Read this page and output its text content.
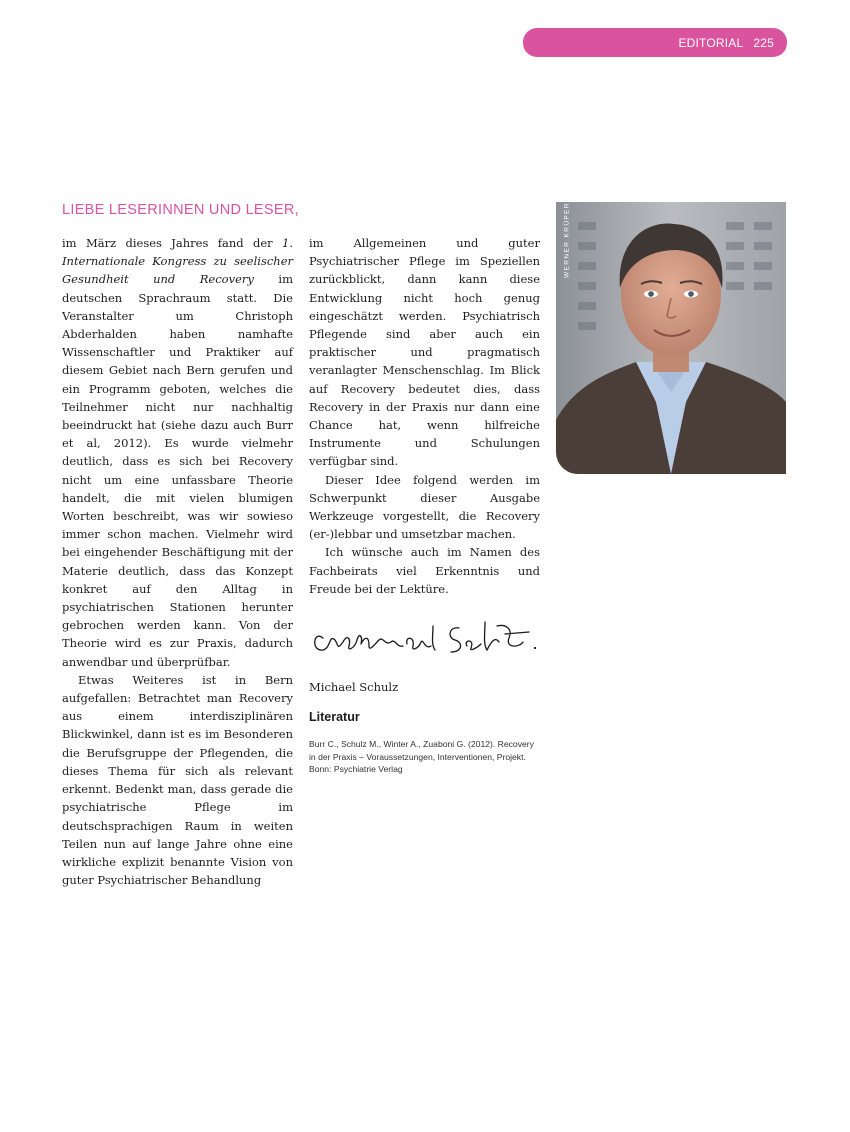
EDITORIAL 225
LIEBE LESERINNEN UND LESER,

im März dieses Jahres fand der 1. Internationale Kongress zu seelischer Gesundheit und Recovery im deutschen Sprachraum statt. Die Veranstalter um Christoph Abderhalden haben namhafte Wissenschaftler und Praktiker auf diesem Gebiet nach Bern gerufen und ein Programm geboten, welches die Teilnehmer nicht nur nachhaltig beeindruckt hat (siehe dazu auch Burr et al, 2012). Es wurde vielmehr deutlich, dass es sich bei Recovery nicht um eine unfassbare Theorie handelt, die mit vielen blumigen Worten beschreibt, was wir sowieso immer schon machen. Vielmehr wird bei eingehender Beschäftigung mit der Materie deutlich, dass das Konzept konkret auf den Alltag in psychiatrischen Stationen herunter gebrochen werden kann. Von der Theorie wird es zur Praxis, dadurch anwendbar und überprüfbar.

Etwas Weiteres ist in Bern aufgefallen: Betrachtet man Recovery aus einem interdisziplinären Blickwinkel, dann ist es im Besonderen die Berufsgruppe der Pflegenden, die dieses Thema für sich als relevant erkennt. Bedenkt man, dass gerade die psychiatrische Pflege im deutschsprachigen Raum in weiten Teilen nun auf lange Jahre ohne eine wirkliche explizit benannte Vision von guter Psychiatrischer Behandlung

im Allgemeinen und guter Psychiatrischer Pflege im Speziellen zurückblickt, dann kann diese Entwicklung nicht hoch genug eingeschätzt werden. Psychiatrisch Pflegende sind aber auch ein praktischer und pragmatisch veranlagter Menschenschlag. Im Blick auf Recovery bedeutet dies, dass Recovery in der Praxis nur dann eine Chance hat, wenn hilfreiche Instrumente und Schulungen verfügbar sind.

Dieser Idee folgend werden im Schwerpunkt dieser Ausgabe Werkzeuge vorgestellt, die Recovery (er-)lebbar und umsetzbar machen.

Ich wünsche auch im Namen des Fachbeirats viel Erkenntnis und Freude bei der Lektüre.

Michael Schulz

Literatur

Burr C., Schulz M., Winter A., Zuaboni G. (2012). Recovery in der Praxis – Voraussetzungen, Interventionen, Projekt. Bonn: Psychiatrie Verlag

WERNER KRÜPER
